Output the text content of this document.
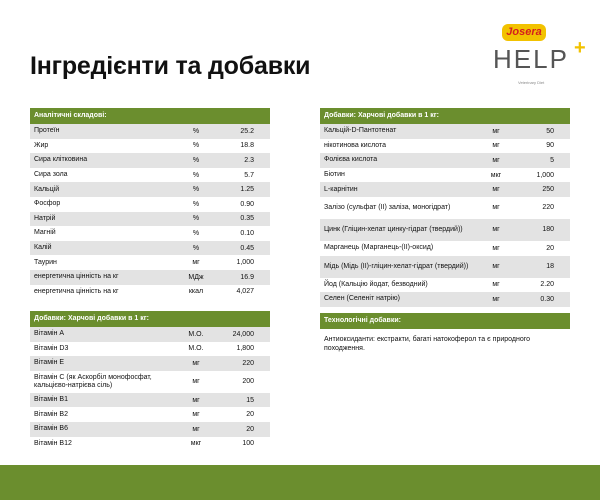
Інгредієнти та добавки
Josera
HELP +
Veterinary Diet
Аналітичні складові:
Протеїн	%	25.2
Жир	%	18.8
Сира клітковина	%	2.3
Сира зола	%	5.7
Кальцій	%	1.25
Фосфор	%	0.90
Натрій	%	0.35
Магній	%	0.10
Калій	%	0.45
Таурин	мг	1,000
енергетична цінність на кг	МДж	16.9
енергетична цінність на кг	ккал	4,027
Добавки: Харчові добавки в 1 кг:
Вітамін A	М.О.	24,000
Вітамін D3	М.О.	1,800
Вітамін E	мг	220
Вітамін C (як Аскорбіл монофосфат, кальцієво-натрієва сіль)	мг	200
Вітамін B1	мг	15
Вітамін B2	мг	20
Вітамін B6	мг	20
Вітамін B12	мкг	100
Добавки: Харчові добавки в 1 кг:
Кальцій-D-Пантотенат	мг	50
нікотинова кислота	мг	90
Фолієва кислота	мг	5
Біотин	мкг	1,000
L-карнітин	мг	250
Залізо (сульфат (II) заліза, моногідрат)	мг	220
Цинк (Гліцин-хелат цинку-гідрат (твердий))	мг	180
Марганець (Марганець-(II)-оксид)	мг	20
Мідь (Мідь (II)-гліцин-хелат-гідрат (твердий))	мг	18
Йод (Кальцію йодат, безводний)	мг	2.20
Селен (Селеніт натрію)	мг	0.30
Технологічні добавки:
Антиоксиданти: екстракти, багаті натокоферол та є природного походження.
